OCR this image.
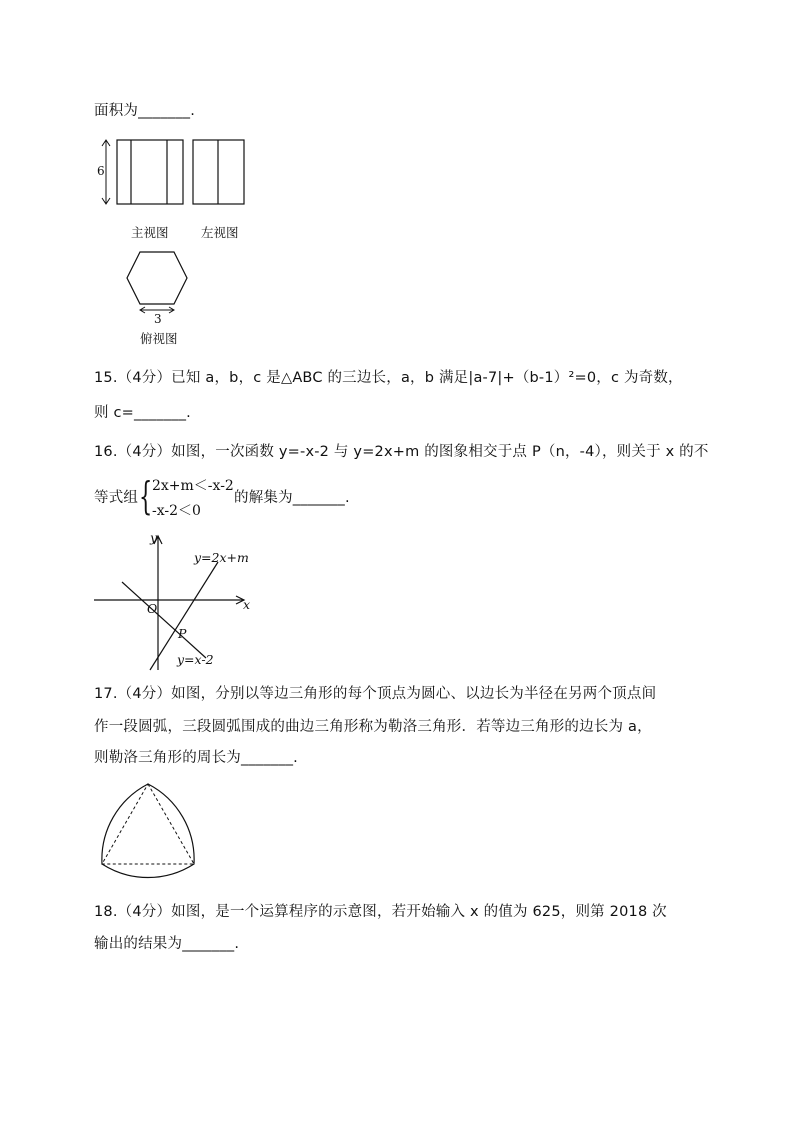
面积为_______.
6
3
主视图	左视图
俯视图
15.（4分）已知 a，b，c 是△ABC 的三边长，a，b 满足|a-7|+（b-1）²=0，c 为奇数，
则 c=_______.
16.（4分）如图，一次函数 y=-x-2 与 y=2x+m 的图象相交于点 P（n，-4），则关于 x 的不
等式组 { 2x+m＜-x-2
-x-2＜0
的解集为_______.
y
x
O
P
y=2x+m
y=x-2
17.（4分）如图，分别以等边三角形的每个顶点为圆心、以边长为半径在另两个顶点间
作一段圆弧，三段圆弧围成的曲边三角形称为勒洛三角形．若等边三角形的边长为 a，
则勒洛三角形的周长为_______.
18.（4分）如图，是一个运算程序的示意图，若开始输入 x 的值为 625，则第 2018 次
输出的结果为_______.
